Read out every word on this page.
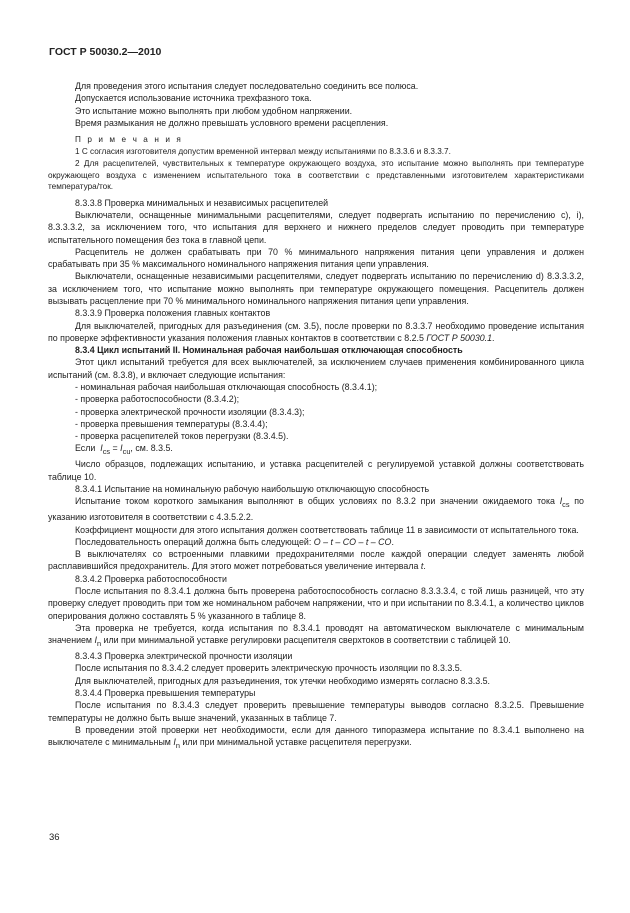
ГОСТ Р 50030.2—2010

Для проведения этого испытания следует последовательно соединить все полюса.

Допускается использование источника трехфазного тока.

Это испытание можно выполнять при любом удобном напряжении.

Время размыкания не должно превышать условного времени расцепления.

П р и м е ч а н и я

1 С согласия изготовителя допустим временной интервал между испытаниями по 8.3.3.6 и 8.3.3.7.

2 Для расцепителей, чувствительных к температуре окружающего воздуха, это испытание можно выполнять при температуре окружающего воздуха с изменением испытательного тока в соответствии с представленными изготовителем характеристиками температура/ток.

8.3.3.8 Проверка минимальных и независимых расцепителей

Выключатели, оснащенные минимальными расцепителями, следует подвергать испытанию по перечислению c), i), 8.3.3.3.2, за исключением того, что испытания для верхнего и нижнего пределов следует проводить при температуре испытательного помещения без тока в главной цепи.

Расцепитель не должен срабатывать при 70 % минимального напряжения питания цепи управления и должен срабатывать при 35 % максимального номинального напряжения питания цепи управления.

Выключатели, оснащенные независимыми расцепителями, следует подвергать испытанию по перечислению d) 8.3.3.3.2, за исключением того, что испытание можно выполнять при температуре окружающего помещения. Расцепитель должен вызывать расцепление при 70 % минимального номинального напряжения питания цепи управления.

8.3.3.9 Проверка положения главных контактов

Для выключателей, пригодных для разъединения (см. 3.5), после проверки по 8.3.3.7 необходимо проведение испытания по проверке эффективности указания положения главных контактов в соответствии с 8.2.5 ГОСТ Р 50030.1.

8.3.4 Цикл испытаний II. Номинальная рабочая наибольшая отключающая способность

Этот цикл испытаний требуется для всех выключателей, за исключением случаев применения комбинированного цикла испытаний (см. 8.3.8), и включает следующие испытания:

- номинальная рабочая наибольшая отключающая способность (8.3.4.1);

- проверка работоспособности (8.3.4.2);

- проверка электрической прочности изоляции (8.3.4.3);

- проверка превышения температуры (8.3.4.4);

- проверка расцепителей токов перегрузки (8.3.4.5).

Если $I_{cs} = I_{cu}$, см. 8.3.5.

Число образцов, подлежащих испытанию, и уставка расцепителей с регулируемой уставкой должны соответствовать таблице 10.

8.3.4.1 Испытание на номинальную рабочую наибольшую отключающую способность

Испытание током короткого замыкания выполняют в общих условиях по 8.3.2 при значении ожидаемого тока $I_{cs}$ по указанию изготовителя в соответствии с 4.3.5.2.2.

Коэффициент мощности для этого испытания должен соответствовать таблице 11 в зависимости от испытательного тока.

Последовательность операций должна быть следующей: O – t – CO – t – CO.

В выключателях со встроенными плавкими предохранителями после каждой операции следует заменять любой расплавившийся предохранитель. Для этого может потребоваться увеличение интервала t.

8.3.4.2 Проверка работоспособности

После испытания по 8.3.4.1 должна быть проверена работоспособность согласно 8.3.3.3.4, с той лишь разницей, что эту проверку следует проводить при том же номинальном рабочем напряжении, что и при испытании по 8.3.4.1, а количество циклов оперирования должно составлять 5 % указанного в таблице 8.

Эта проверка не требуется, когда испытания по 8.3.4.1 проводят на автоматическом выключателе с минимальным значением $I_n$ или при минимальной уставке регулировки расцепителя сверхтоков в соответствии с таблицей 10.

8.3.4.3 Проверка электрической прочности изоляции

После испытания по 8.3.4.2 следует проверить электрическую прочность изоляции по 8.3.3.5.

Для выключателей, пригодных для разъединения, ток утечки необходимо измерять согласно 8.3.3.5.

8.3.4.4 Проверка превышения температуры

После испытания по 8.3.4.3 следует проверить превышение температуры выводов согласно 8.3.2.5. Превышение температуры не должно быть выше значений, указанных в таблице 7.

В проведении этой проверки нет необходимости, если для данного типоразмера испытание по 8.3.4.1 выполнено на выключателе с минимальным $I_n$ или при минимальной уставке расцепителя перегрузки.

36
